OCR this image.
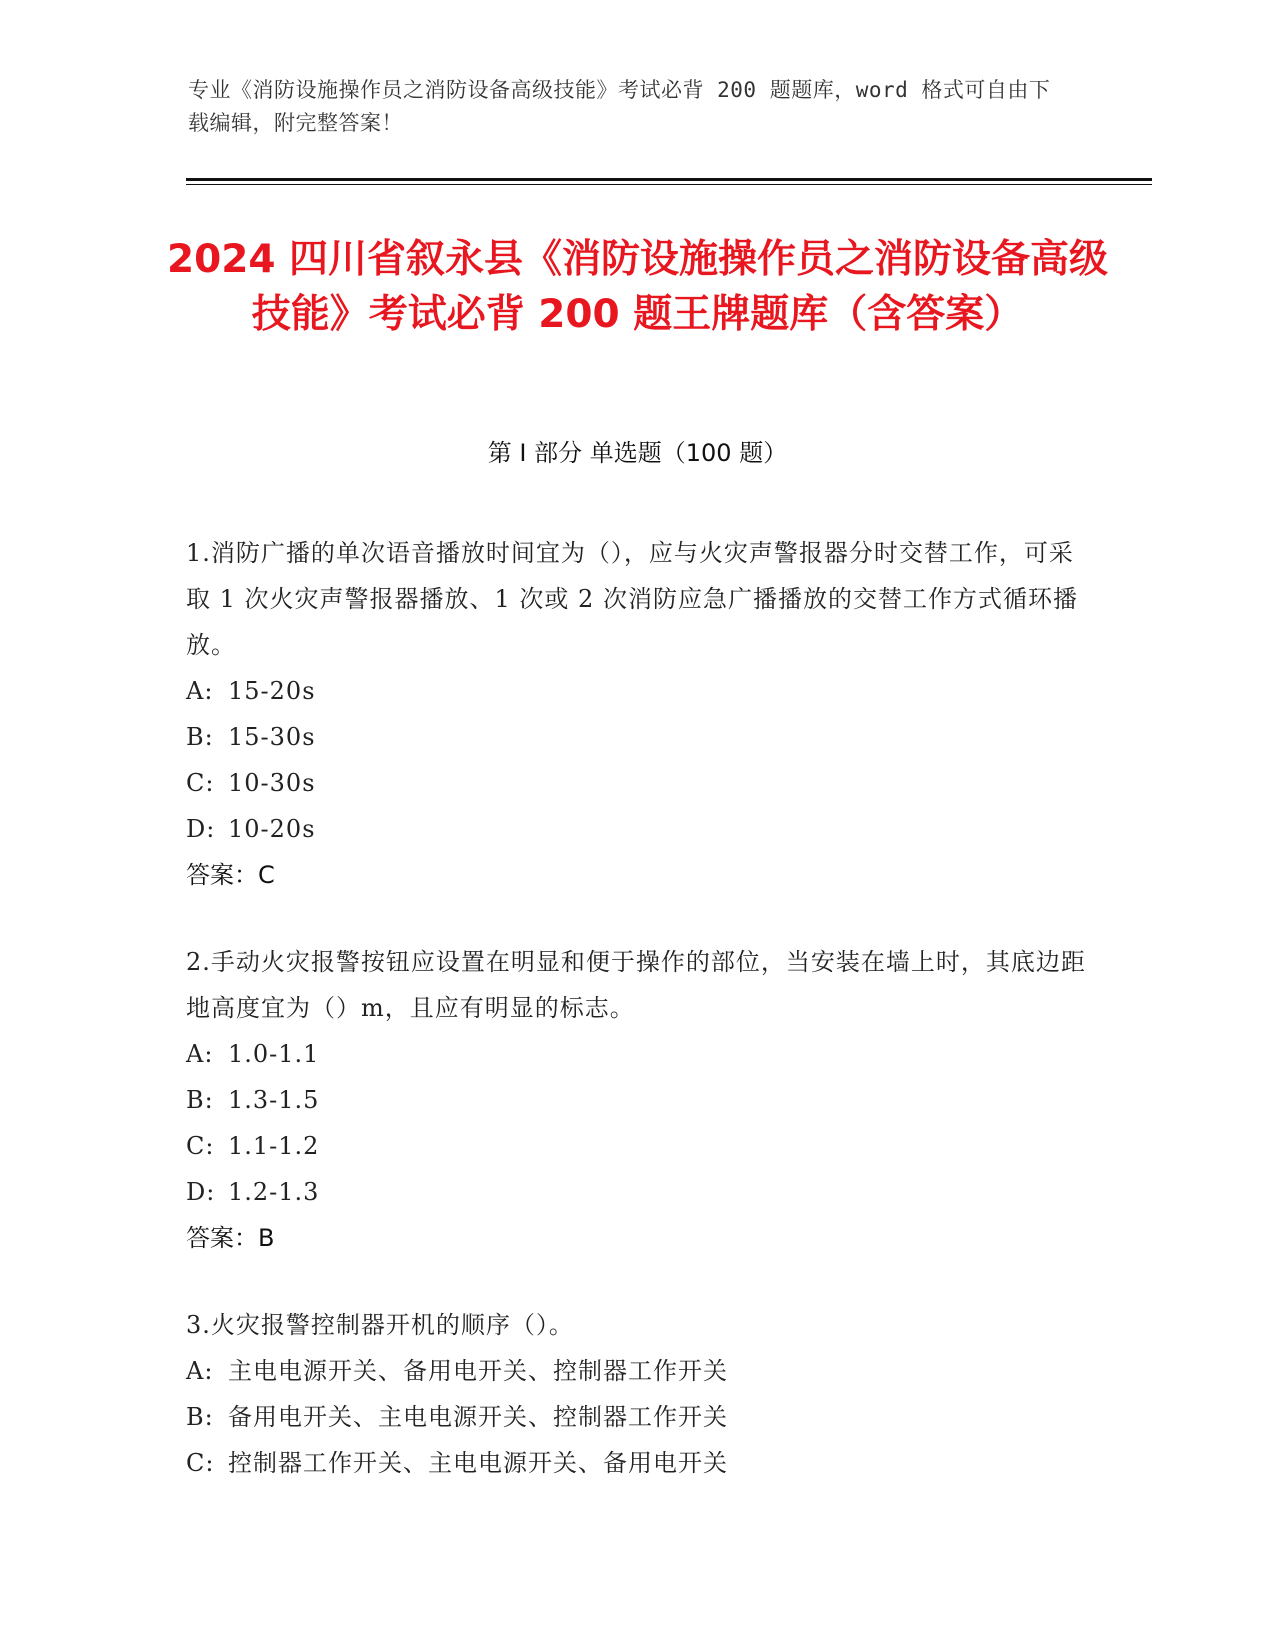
专业《消防设施操作员之消防设备高级技能》考试必背 200 题题库，word 格式可自由下载编辑，附完整答案！
2024 四川省叙永县《消防设施操作员之消防设备高级技能》考试必背 200 题王牌题库（含答案）
第 I 部分 单选题（100 题）
1.消防广播的单次语音播放时间宜为（），应与火灾声警报器分时交替工作，可采取 1 次火灾声警报器播放、1 次或 2 次消防应急广播播放的交替工作方式循环播放。
A: 15-20s
B: 15-30s
C: 10-30s
D: 10-20s
答案：C
2.手动火灾报警按钮应设置在明显和便于操作的部位，当安装在墙上时，其底边距地高度宜为（）m，且应有明显的标志。
A: 1.0-1.1
B: 1.3-1.5
C: 1.1-1.2
D: 1.2-1.3
答案：B
3.火灾报警控制器开机的顺序（）。
A: 主电电源开关、备用电开关、控制器工作开关
B: 备用电开关、主电电源开关、控制器工作开关
C: 控制器工作开关、主电电源开关、备用电开关
